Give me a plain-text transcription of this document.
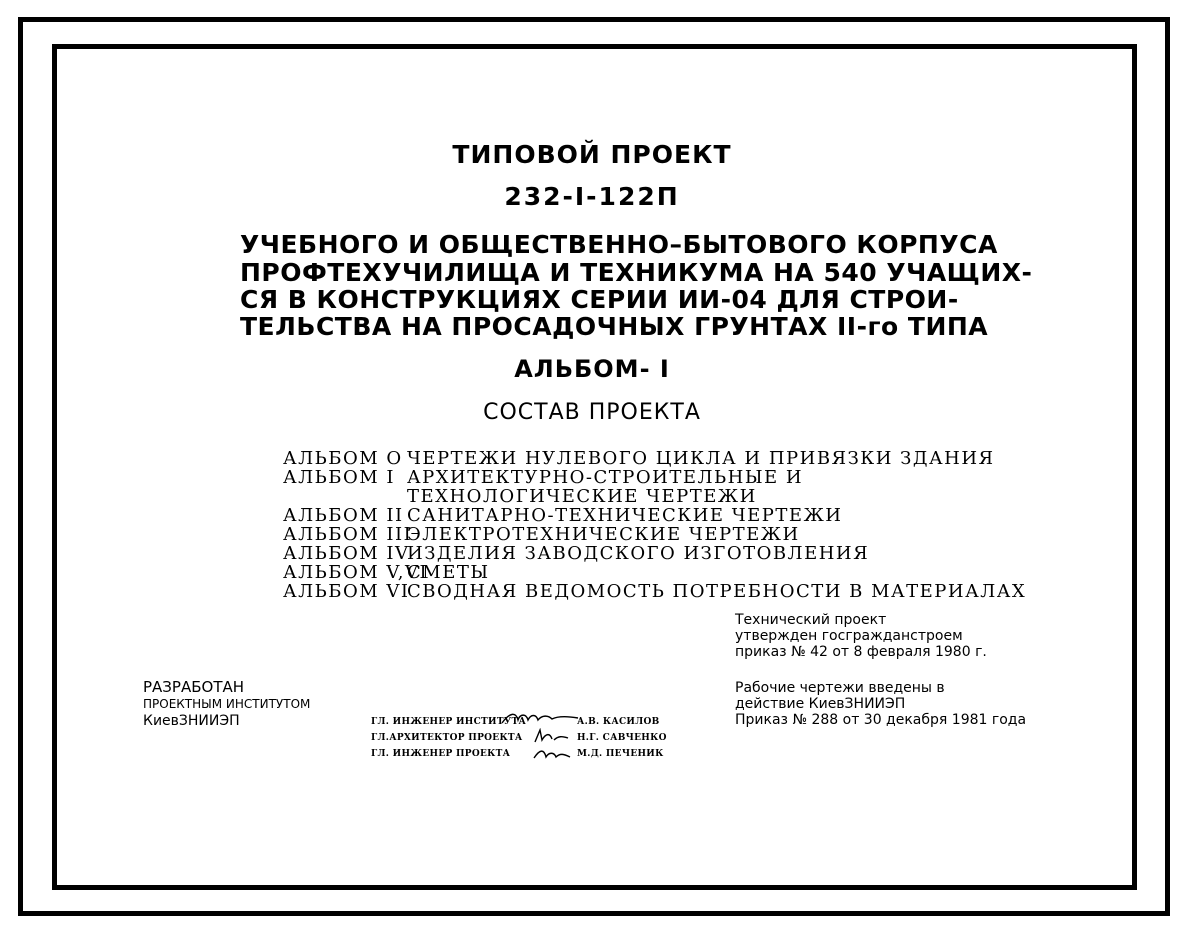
ТИПОВОЙ ПРОЕКТ
232-I-122П
УЧЕБНОГО И ОБЩЕСТВЕННО–БЫТОВОГО КОРПУСА
ПРОФТЕХУЧИЛИЩА И ТЕХНИКУМА НА 540 УЧАЩИХ-
СЯ В КОНСТРУКЦИЯХ СЕРИИ ИИ-04 ДЛЯ СТРОИ-
ТЕЛЬСТВА НА ПРОСАДОЧНЫХ ГРУНТАХ II-го ТИПА
АЛЬБОМ- I
СОСТАВ ПРОЕКТА
АЛЬБОМ О ЧЕРТЕЖИ НУЛЕВОГО ЦИКЛА И ПРИВЯЗКИ ЗДАНИЯ
АЛЬБОМ I АРХИТЕКТУРНО-СТРОИТЕЛЬНЫЕ И
ТЕХНОЛОГИЧЕСКИЕ ЧЕРТЕЖИ
АЛЬБОМ II САНИТАРНО-ТЕХНИЧЕСКИЕ ЧЕРТЕЖИ
АЛЬБОМ IIIЭЛЕКТРОТЕХНИЧЕСКИЕ ЧЕРТЕЖИ
АЛЬБОМ IVИЗДЕЛИЯ ЗАВОДСКОГО ИЗГОТОВЛЕНИЯ
АЛЬБОМ V,VIСМЕТЫ
АЛЬБОМ VIСВОДНАЯ ВЕДОМОСТЬ ПОТРЕБНОСТИ В МАТЕРИАЛАХ
Технический проект
утвержден госгражданстроем
приказ № 42 от 8 февраля 1980 г.
Рабочие чертежи введены в
действие КиевЗНИИЭП
Приказ № 288 от 30 декабря 1981 года
РАЗРАБОТАН
ПРОЕКТНЫМ ИНСТИТУТОМ
КиевЗНИИЭП	ГЛ. ИНЖЕНЕР ИНСТИТУТА
ГЛ.АРХИТЕКТОР ПРОЕКТА
ГЛ. ИНЖЕНЕР ПРОЕКТА
А.В. КАСИЛОВ
Н.Г. САВЧЕНКО
М.Д. ПЕЧЕНИК
